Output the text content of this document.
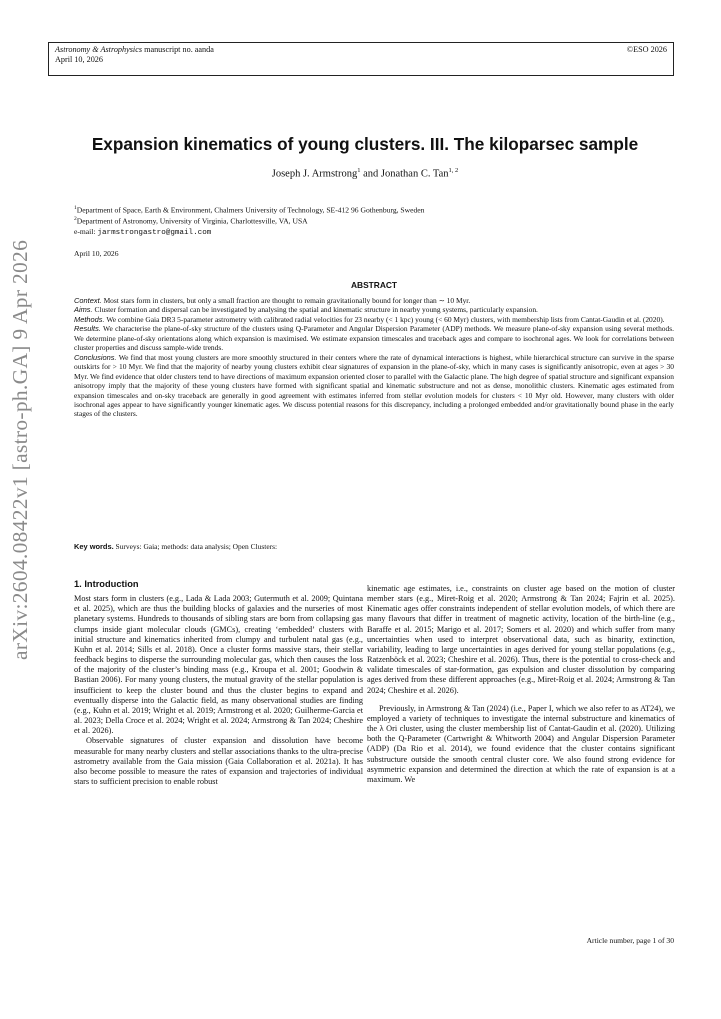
Astronomy & Astrophysics manuscript no. aanda
April 10, 2026
©ESO 2026
arXiv:2604.08422v1 [astro-ph.GA] 9 Apr 2026
Expansion kinematics of young clusters. III. The kiloparsec sample
Joseph J. Armstrong$^1$ and Jonathan C. Tan$^{1, 2}$
$^1$Department of Space, Earth & Environment, Chalmers University of Technology, SE-412 96 Gothenburg, Sweden
$^2$Department of Astronomy, University of Virginia, Charlottesville, VA, USA
e-mail: jarmstrongastro@gmail.com
April 10, 2026
ABSTRACT

Context. Most stars form in clusters, but only a small fraction are thought to remain gravitationally bound for longer than ∼ 10 Myr.

Aims. Cluster formation and dispersal can be investigated by analysing the spatial and kinematic structure in nearby young systems, particularly expansion.

Methods. We combine Gaia DR3 5-parameter astrometry with calibrated radial velocities for 23 nearby (< 1 kpc) young (< 60 Myr) clusters, with membership lists from Cantat-Gaudin et al. (2020).

Results. We characterise the plane-of-sky structure of the clusters using Q-Parameter and Angular Dispersion Parameter (ADP) methods. We measure plane-of-sky expansion using several methods. We determine plane-of-sky orientations along which expansion is maximised. We estimate expansion timescales and traceback ages and compare to isochronal ages. We look for correlations between cluster properties and discuss sample-wide trends.

Conclusions. We find that most young clusters are more smoothly structured in their centers where the rate of dynamical interactions is highest, while hierarchical structure can survive in the sparse outskirts for > 10 Myr. We find that the majority of nearby young clusters exhibit clear signatures of expansion in the plane-of-sky, which in many cases is significantly anisotropic, even at ages > 30 Myr. We find evidence that older clusters tend to have directions of maximum expansion oriented closer to parallel with the Galactic plane. The high degree of spatial structure and significant expansion anisotropy imply that the majority of these young clusters have formed with significant spatial and kinematic substructure and not as dense, monolithic clusters. Kinematic ages estimated from expansion timescales and on-sky traceback are generally in good agreement with estimates inferred from stellar evolution models for clusters < 10 Myr old. However, many clusters with older isochronal ages appear to have significantly younger kinematic ages. We discuss potential reasons for this discrepancy, including a prolonged embedded and/or gravitationally bound phase in the early stages of the clusters.

Key words. Surveys: Gaia; methods: data analysis; Open Clusters:
1. Introduction

Most stars form in clusters (e.g., Lada & Lada 2003; Gutermuth et al. 2009; Quintana et al. 2025), which are thus the building blocks of galaxies and the nurseries of most planetary systems. Hundreds to thousands of sibling stars are born from collapsing gas clumps inside giant molecular clouds (GMCs), creating ‘embedded’ clusters with initial structure and kinematics inherited from clumpy and turbulent natal gas (e.g., Kuhn et al. 2014; Sills et al. 2018). Once a cluster forms massive stars, their stellar feedback begins to disperse the surrounding molecular gas, which then causes the loss of the majority of the cluster’s binding mass (e.g., Kroupa et al. 2001; Goodwin & Bastian 2006). For many young clusters, the mutual gravity of the stellar population is insufficient to keep the cluster bound and thus the cluster begins to expand and eventually disperse into the Galactic field, as many observational studies are finding (e.g., Kuhn et al. 2019; Wright et al. 2019; Armstrong et al. 2020; Guilherme-Garcia et al. 2023; Della Croce et al. 2024; Wright et al. 2024; Armstrong & Tan 2024; Cheshire et al. 2026).

Observable signatures of cluster expansion and dissolution have become measurable for many nearby clusters and stellar associations thanks to the ultra-precise astrometry available from the Gaia mission (Gaia Collaboration et al. 2021a). It has also become possible to measure the rates of expansion and trajectories of individual stars to sufficient precision to enable robust

kinematic age estimates, i.e., constraints on cluster age based on the motion of cluster member stars (e.g., Miret-Roig et al. 2020; Armstrong & Tan 2024; Fajrin et al. 2025). Kinematic ages offer constraints independent of stellar evolution models, of which there are many flavours that differ in treatment of magnetic activity, location of the birth-line (e.g., Baraffe et al. 2015; Marigo et al. 2017; Somers et al. 2020) and which suffer from many uncertainties when used to interpret observational data, such as binarity, extinction, variability, leading to large uncertainties in ages derived for young stellar populations (e.g., Ratzenböck et al. 2023; Cheshire et al. 2026). Thus, there is the potential to cross-check and validate timescales of star-formation, gas expulsion and cluster dissolution by comparing ages derived from these different approaches (e.g., Miret-Roig et al. 2024; Armstrong & Tan 2024; Cheshire et al. 2026).

Previously, in Armstrong & Tan (2024) (i.e., Paper I, which we also refer to as AT24), we employed a variety of techniques to investigate the internal substructure and kinematics of the λ Ori cluster, using the cluster membership list of Cantat-Gaudin et al. (2020). Utilizing both the Q-Parameter (Cartwright & Whitworth 2004) and Angular Dispersion Parameter (ADP) (Da Rio et al. 2014), we found evidence that the cluster contains significant substructure outside the smooth central cluster core. We also found strong evidence for asymmetric expansion and determined the direction at which the rate of expansion is at a maximum. We

Article number, page 1 of 30
